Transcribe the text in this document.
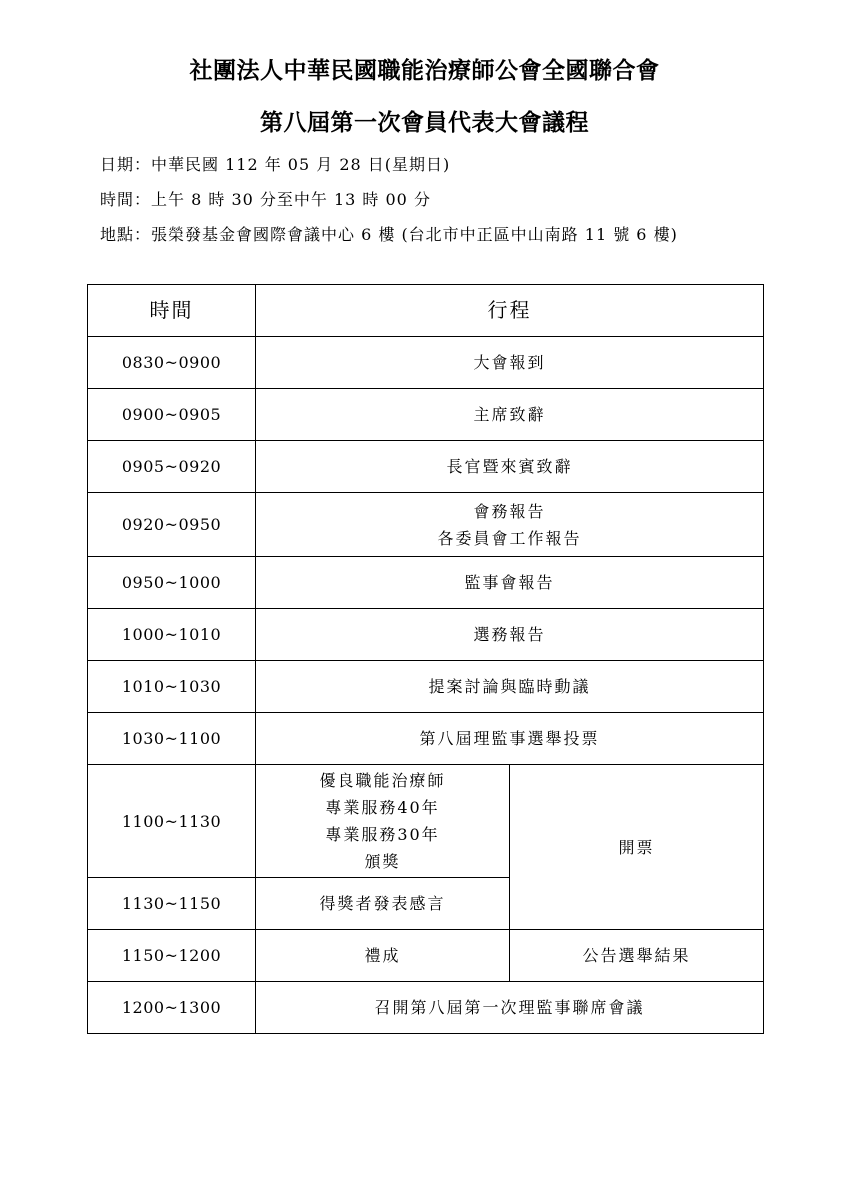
社團法人中華民國職能治療師公會全國聯合會
第八屆第一次會員代表大會議程
日期：中華民國 112 年 05 月 28 日(星期日)
時間：上午 8 時 30 分至中午 13 時 00 分
地點：張榮發基金會國際會議中心 6 樓 (台北市中正區中山南路 11 號 6 樓)
時間	行程	
0830~0900	大會報到	
0900~0905	主席致辭	
0905~0920	長官暨來賓致辭	
0920~0950	會務報告
各委員會工作報告	

0950~1000	監事會報告	
1000~1010	選務報告	
1010~1030	提案討論與臨時動議	
1030~1100	第八屆理監事選舉投票	
1100~1130	優良職能治療師
專業服務40年
專業服務30年
頒獎	開票
1130~1150	得獎者發表感言	
1150~1200	禮成	公告選舉結果
1200~1300	召開第八屆第一次理監事聯席會議	
